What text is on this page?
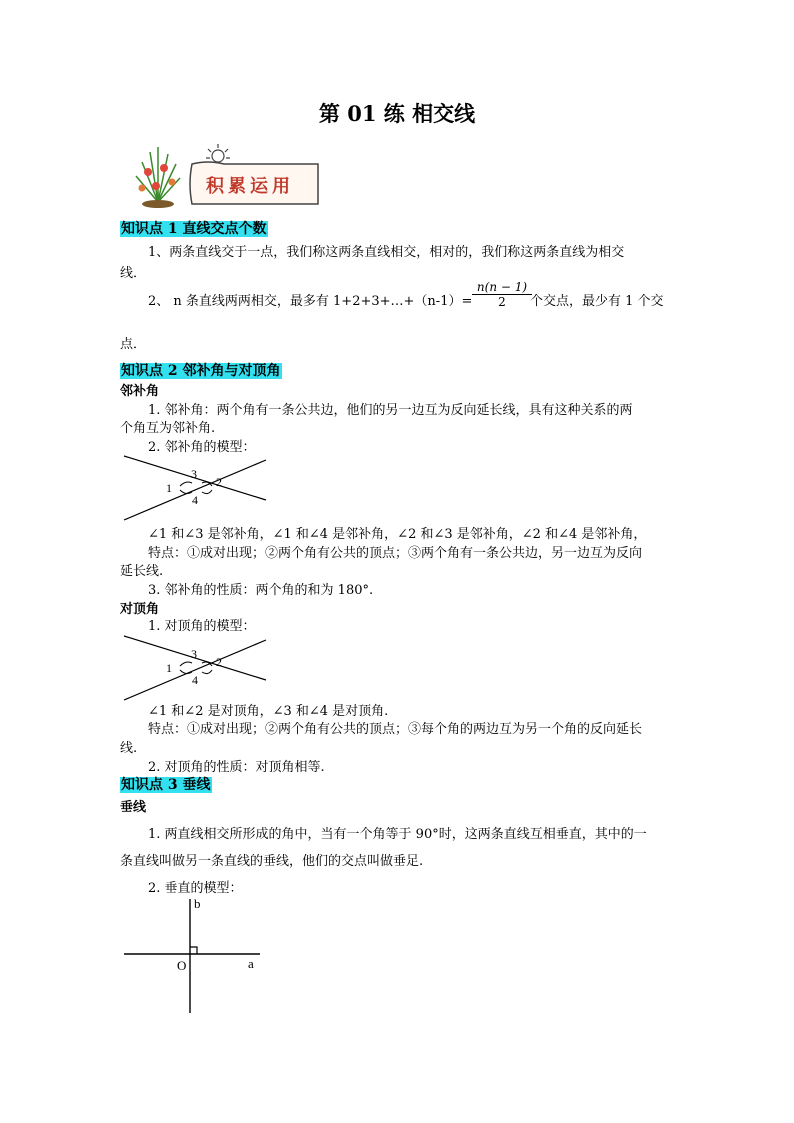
第 01 练 相交线
积累运用
知识点 1 直线交点个数
1、两条直线交于一点，我们称这两条直线相交，相对的，我们称这两条直线为相交
线．
2、 n 条直线两两相交，最多有 1+2+3+…+（n-1）= $\frac{n(n - 1)}{2}$
个交点，最少有 1 个交
点．
知识点 2 邻补角与对顶角
邻补角
1. 邻补角：两个角有一条公共边，他们的另一边互为反向延长线，具有这种关系的两
个角互为邻补角.
2. 邻补角的模型：
1	2
3
4
∠1 和∠3 是邻补角，∠1 和∠4 是邻补角，∠2 和∠3 是邻补角，∠2 和∠4 是邻补角，
特点：①成对出现；②两个角有公共的顶点；③两个角有一条公共边，另一边互为反向
延长线.
3. 邻补角的性质：两个角的和为 180°.
对顶角
1. 对顶角的模型：
1	2
3
4
∠1 和∠2 是对顶角，∠3 和∠4 是对顶角.
特点：①成对出现；②两个角有公共的顶点；③每个角的两边互为另一个角的反向延长
线.
2. 对顶角的性质：对顶角相等.
知识点 3 垂线
垂线
1. 两直线相交所形成的角中，当有一个角等于 90°时，这两条直线互相垂直，其中的一
条直线叫做另一条直线的垂线，他们的交点叫做垂足.
2. 垂直的模型：
b
O	a
